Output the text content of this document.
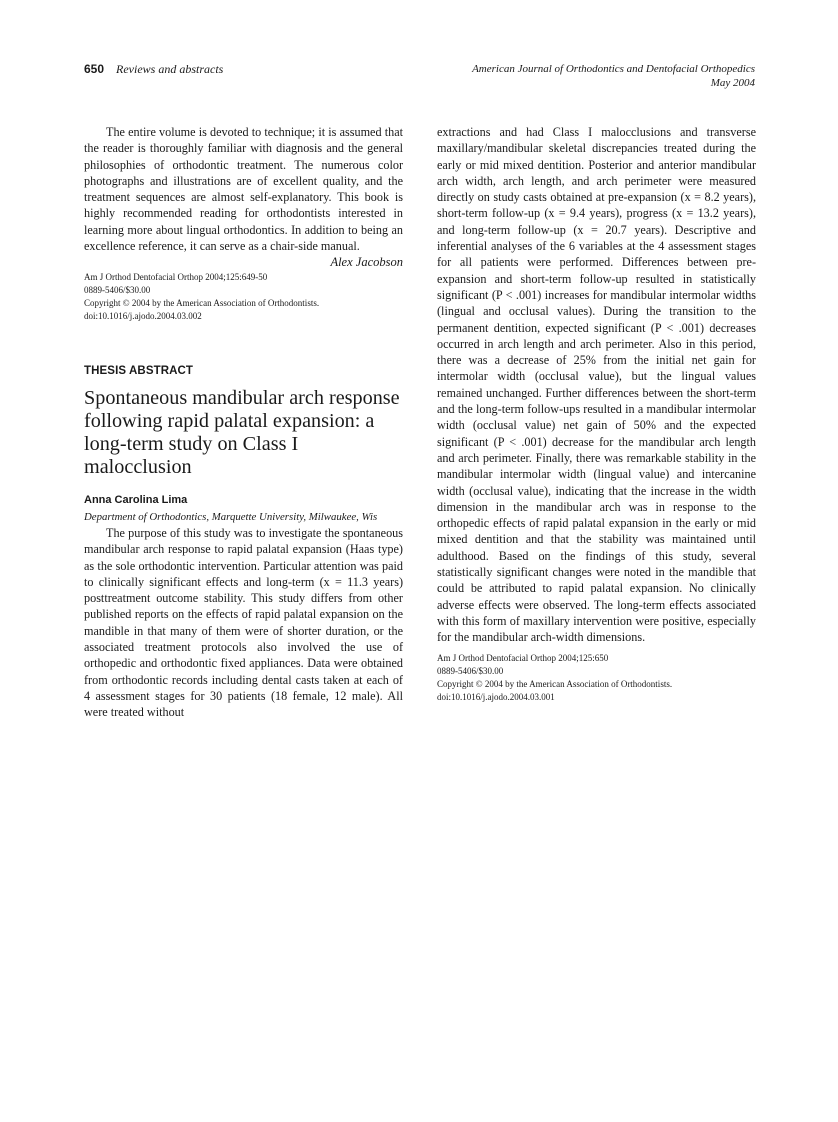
650 Reviews and abstracts	American Journal of Orthodontics and Dentofacial Orthopedics
May 2004

The entire volume is devoted to technique; it is assumed that the reader is thoroughly familiar with diagnosis and the general philosophies of orthodontic treatment. The numerous color photographs and illustrations are of excellent quality, and the treatment sequences are almost self-explanatory. This book is highly recommended reading for orthodontists interested in learning more about lingual orthodontics. In addition to being an excellence reference, it can serve as a chair-side manual.

Alex Jacobson
Am J Orthod Dentofacial Orthop 2004;125:649-50
0889-5406/$30.00
Copyright © 2004 by the American Association of Orthodontists.
doi:10.1016/j.ajodo.2004.03.002
THESIS ABSTRACT
Spontaneous mandibular arch response following rapid palatal expansion: a long-term study on Class I malocclusion
Anna Carolina Lima
Department of Orthodontics, Marquette University, Milwaukee, Wis

The purpose of this study was to investigate the spontaneous mandibular arch response to rapid palatal expansion (Haas type) as the sole orthodontic intervention. Particular attention was paid to clinically significant effects and long-term (x = 11.3 years) posttreatment outcome stability. This study differs from other published reports on the effects of rapid palatal expansion on the mandible in that many of them were of shorter duration, or the associated treatment protocols also involved the use of orthopedic and orthodontic fixed appliances. Data were obtained from orthodontic records including dental casts taken at each of 4 assessment stages for 30 patients (18 female, 12 male). All were treated without

extractions and had Class I malocclusions and transverse maxillary/mandibular skeletal discrepancies treated during the early or mid mixed dentition. Posterior and anterior mandibular arch width, arch length, and arch perimeter were measured directly on study casts obtained at pre-expansion (x = 8.2 years), short-term follow-up (x = 9.4 years), progress (x = 13.2 years), and long-term follow-up (x = 20.7 years). Descriptive and inferential analyses of the 6 variables at the 4 assessment stages for all patients were performed. Differences between pre-expansion and short-term follow-up resulted in statistically significant (P < .001) increases for mandibular intermolar widths (lingual and occlusal values). During the transition to the permanent dentition, expected significant (P < .001) decreases occurred in arch length and arch perimeter. Also in this period, there was a decrease of 25% from the initial net gain for intermolar width (occlusal value), but the lingual values remained unchanged. Further differences between the short-term and the long-term follow-ups resulted in a mandibular intermolar width (occlusal value) net gain of 50% and the expected significant (P < .001) decrease for the mandibular arch length and arch perimeter. Finally, there was remarkable stability in the mandibular intermolar width (lingual value) and intercanine width (occlusal value), indicating that the increase in the width dimension in the mandibular arch was in response to the orthopedic effects of rapid palatal expansion in the early or mid mixed dentition and that the stability was maintained until adulthood. Based on the findings of this study, several statistically significant changes were noted in the mandible that could be attributed to rapid palatal expansion. No clinically adverse effects were observed. The long-term effects associated with this form of maxillary intervention were positive, especially for the mandibular arch-width dimensions.

Am J Orthod Dentofacial Orthop 2004;125:650
0889-5406/$30.00
Copyright © 2004 by the American Association of Orthodontists.
doi:10.1016/j.ajodo.2004.03.001
